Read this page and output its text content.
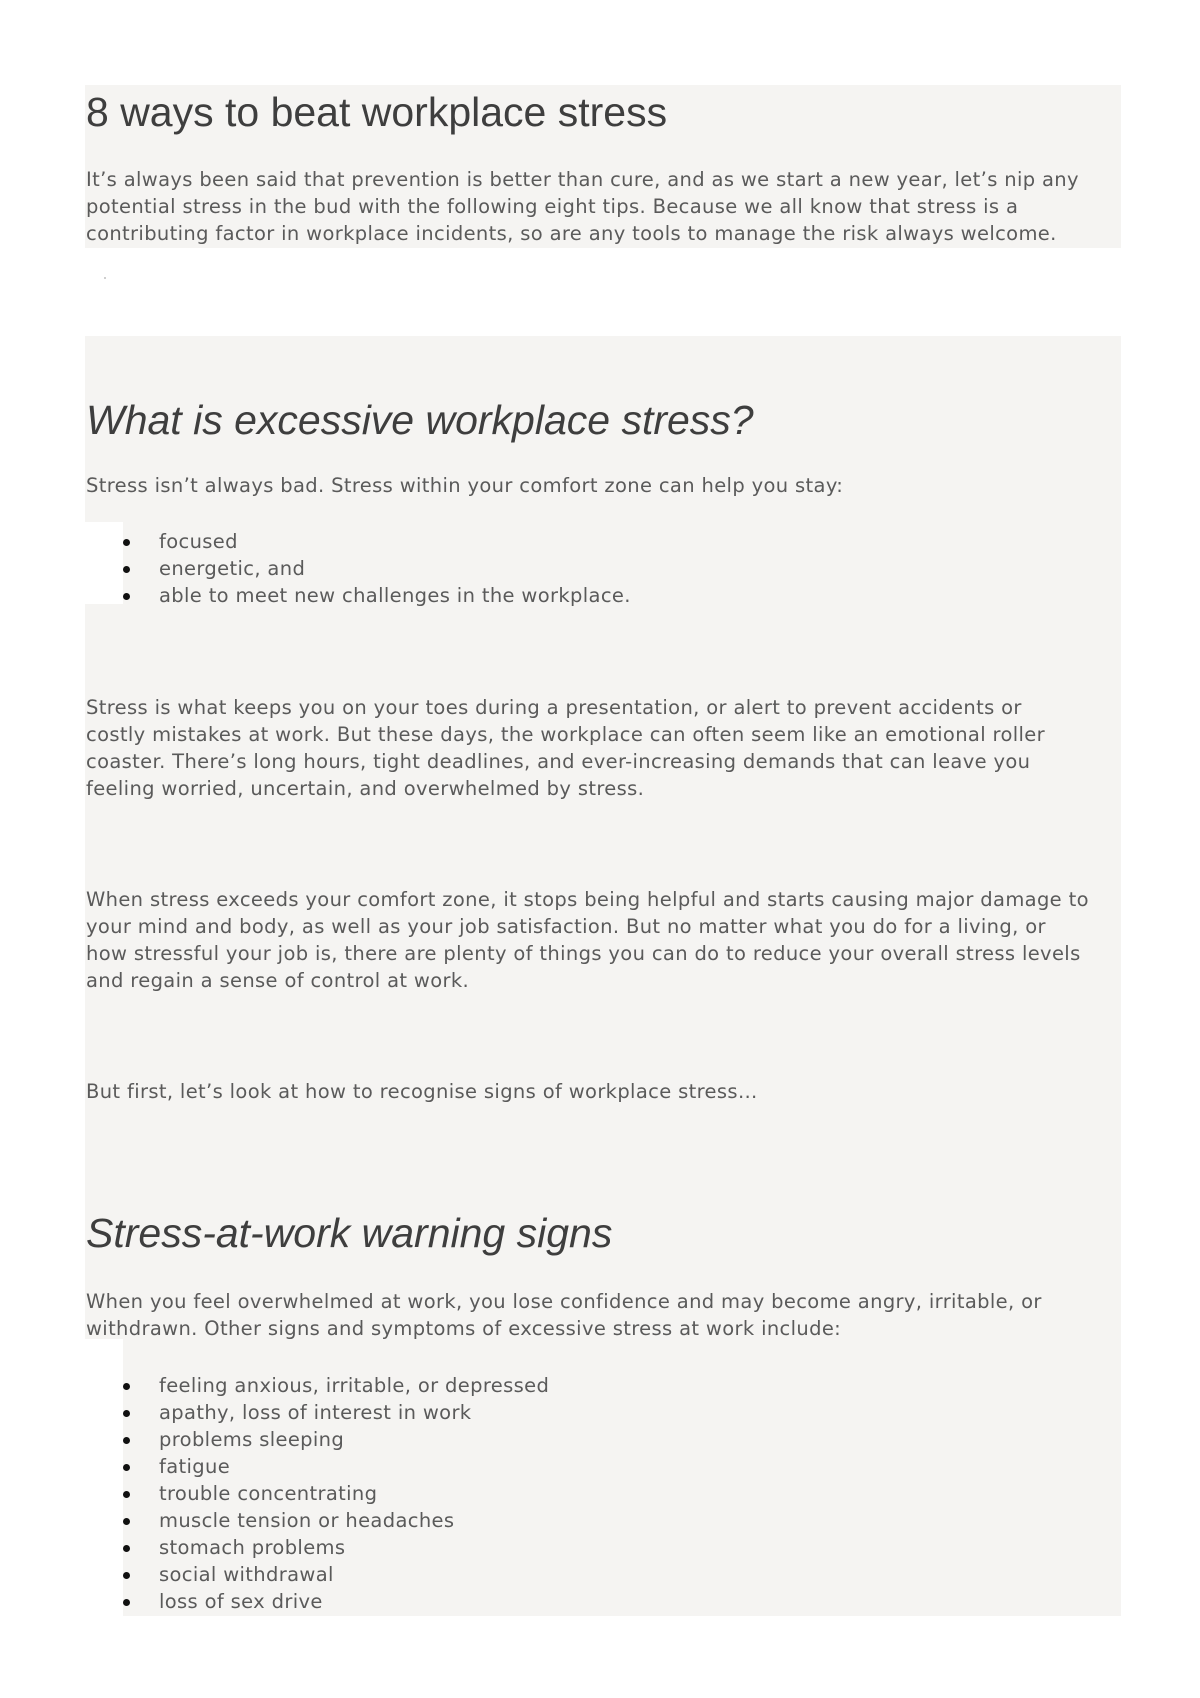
8 ways to beat workplace stress

It’s always been said that prevention is better than cure, and as we start a new year, let’s nip any
potential stress in the bud with the following eight tips. Because we all know that stress is a
contributing factor in workplace incidents, so are any tools to manage the risk always welcome.

What is excessive workplace stress?

Stress isn’t always bad. Stress within your comfort zone can help you stay:

focused
energetic, and
able to meet new challenges in the workplace.

Stress is what keeps you on your toes during a presentation, or alert to prevent accidents or
costly mistakes at work. But these days, the workplace can often seem like an emotional roller
coaster. There’s long hours, tight deadlines, and ever-increasing demands that can leave you
feeling worried, uncertain, and overwhelmed by stress.

When stress exceeds your comfort zone, it stops being helpful and starts causing major damage to
your mind and body, as well as your job satisfaction. But no matter what you do for a living, or
how stressful your job is, there are plenty of things you can do to reduce your overall stress levels
and regain a sense of control at work.

But first, let’s look at how to recognise signs of workplace stress…

Stress-at-work warning signs

When you feel overwhelmed at work, you lose confidence and may become angry, irritable, or
withdrawn. Other signs and symptoms of excessive stress at work include:

feeling anxious, irritable, or depressed
apathy, loss of interest in work
problems sleeping
fatigue
trouble concentrating
muscle tension or headaches
stomach problems
social withdrawal
loss of sex drive
